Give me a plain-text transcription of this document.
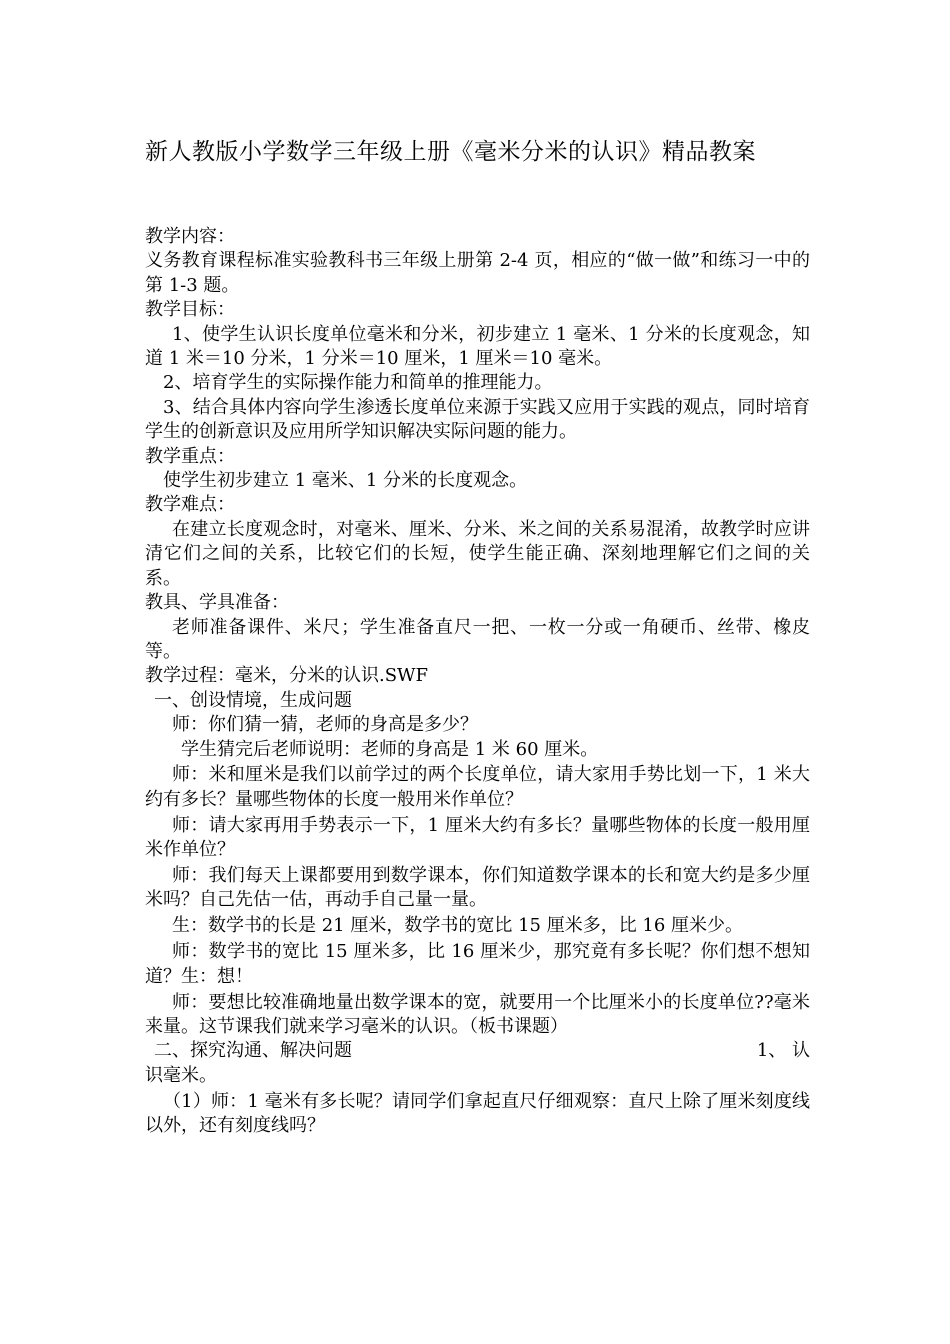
新人教版小学数学三年级上册《毫米分米的认识》精品教案

教学内容：

义务教育课程标准实验教科书三年级上册第 2-4 页，相应的“做一做”和练习一中的第 1-3 题。

教学目标：

1、使学生认识长度单位毫米和分米，初步建立 1 毫米、1 分米的长度观念，知道 1 米＝10 分米，1 分米＝10 厘米，1 厘米＝10 毫米。

2、培育学生的实际操作能力和简单的推理能力。

3、结合具体内容向学生渗透长度单位来源于实践又应用于实践的观点，同时培育学生的创新意识及应用所学知识解决实际问题的能力。

教学重点：

使学生初步建立 1 毫米、1 分米的长度观念。

教学难点：

在建立长度观念时，对毫米、厘米、分米、米之间的关系易混淆，故教学时应讲清它们之间的关系，比较它们的长短，使学生能正确、深刻地理解它们之间的关系。

教具、学具准备：

老师准备课件、米尺；学生准备直尺一把、一枚一分或一角硬币、丝带、橡皮等。

教学过程：毫米，分米的认识.SWF

一、创设情境，生成问题

师：你们猜一猜，老师的身高是多少？

学生猜完后老师说明：老师的身高是 1 米 60 厘米。

师：米和厘米是我们以前学过的两个长度单位，请大家用手势比划一下，1 米大约有多长？量哪些物体的长度一般用米作单位？

师：请大家再用手势表示一下，1 厘米大约有多长？量哪些物体的长度一般用厘米作单位？

师：我们每天上课都要用到数学课本，你们知道数学课本的长和宽大约是多少厘米吗？自己先估一估，再动手自己量一量。

生：数学书的长是 21 厘米，数学书的宽比 15 厘米多，比 16 厘米少。

师：数学书的宽比 15 厘米多，比 16 厘米少，那究竟有多长呢？你们想不想知道？生：想！

师：要想比较准确地量出数学课本的宽，就要用一个比厘米小的长度单位??毫米来量。这节课我们就来学习毫米的认识。（板书课题）

二、探究沟通、解决问题	1、 认

识毫米。

（1）师：1 毫米有多长呢？请同学们拿起直尺仔细观察：直尺上除了厘米刻度线以外，还有刻度线吗？
